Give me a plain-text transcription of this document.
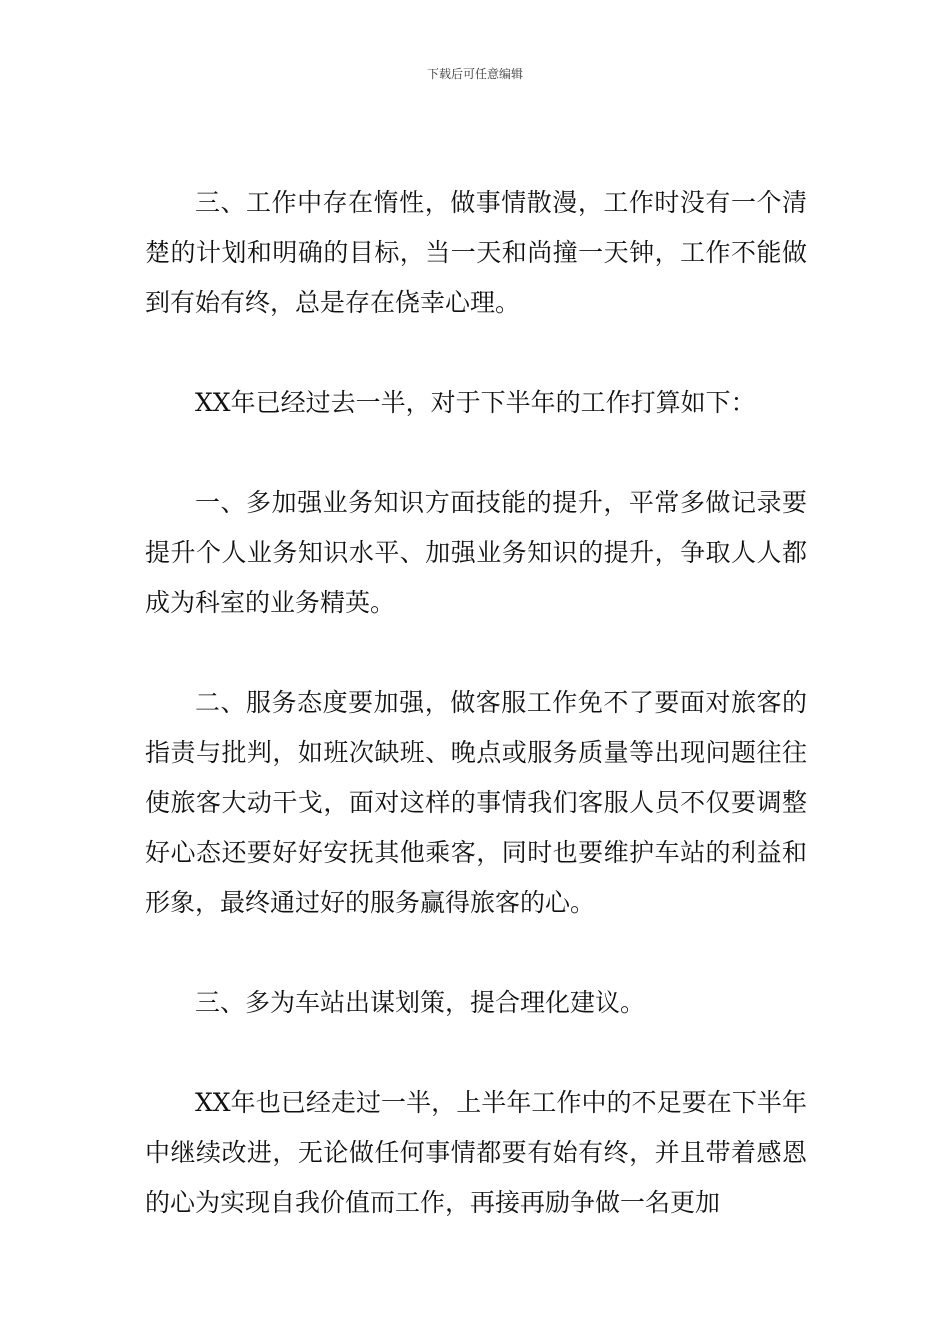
下载后可任意编辑

三、工作中存在惰性，做事情散漫，工作时没有一个清楚的计划和明确的目标，当一天和尚撞一天钟，工作不能做到有始有终，总是存在侥幸心理。

XX年已经过去一半，对于下半年的工作打算如下：

一、多加强业务知识方面技能的提升，平常多做记录要提升个人业务知识水平、加强业务知识的提升，争取人人都成为科室的业务精英。

二、服务态度要加强，做客服工作免不了要面对旅客的指责与批判，如班次缺班、晚点或服务质量等出现问题往往使旅客大动干戈，面对这样的事情我们客服人员不仅要调整好心态还要好好安抚其他乘客，同时也要维护车站的利益和形象，最终通过好的服务赢得旅客的心。

三、多为车站出谋划策，提合理化建议。

XX年也已经走过一半，上半年工作中的不足要在下半年中继续改进，无论做任何事情都要有始有终，并且带着感恩的心为实现自我价值而工作，再接再励争做一名更加
